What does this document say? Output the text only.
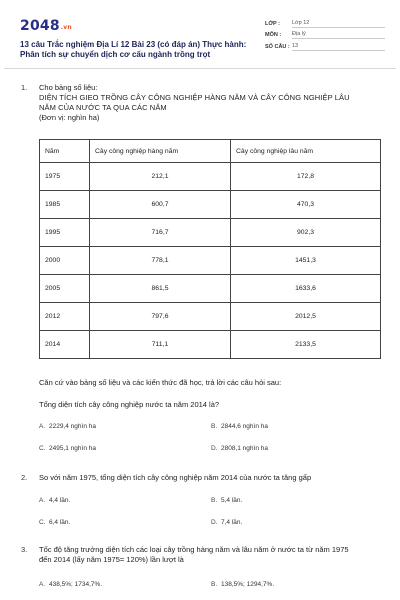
2048.vn
13 câu Trắc nghiệm Địa Lí 12 Bài 23 (có đáp án) Thực hành: Phân tích sự chuyển dịch cơ cấu ngành trồng trọt
LỚP :	Lớp 12
MÔN :	Địa lý
SỐ CÂU : 13
1. Cho bảng số liệu:
DIỆN TÍCH GIEO TRỒNG CÂY CÔNG NGHIỆP HÀNG NĂM VÀ CÂY CÔNG NGHIỆP LÂU NĂM CỦA NƯỚC TA QUA CÁC NĂM
(Đơn vị: nghìn ha)
Năm	Cây công nghiệp hàng năm	Cây công nghiệp lâu năm
1975	212,1	172,8
1985	600,7	470,3
1995	716,7	902,3
2000	778,1	1451,3
2005	861,5	1633,6
2012	797,6	2012,5
2014	711,1	2133,5
Căn cứ vào bảng số liệu và các kiến thức đã học, trả lời các câu hỏi sau:
Tổng diện tích cây công nghiệp nước ta năm 2014 là?
A. 2229,4 nghìn ha	B. 2844,6 nghìn ha
C. 2495,1 nghìn ha	D. 2808,1 nghìn ha
2. So với năm 1975, tổng diện tích cây công nghiệp năm 2014 của nước ta tăng gấp
A. 4,4 lần.	B. 5,4 lần.
C. 6,4 lần.	D. 7,4 lần.
3. Tốc độ tăng trưởng diện tích các loại cây trồng hàng năm và lâu năm ở nước ta từ năm 1975 đến 2014 (lấy năm 1975= 120%) lần lượt là
A. 438,5%; 1734,7%.	B. 138,5%; 1294,7%.
